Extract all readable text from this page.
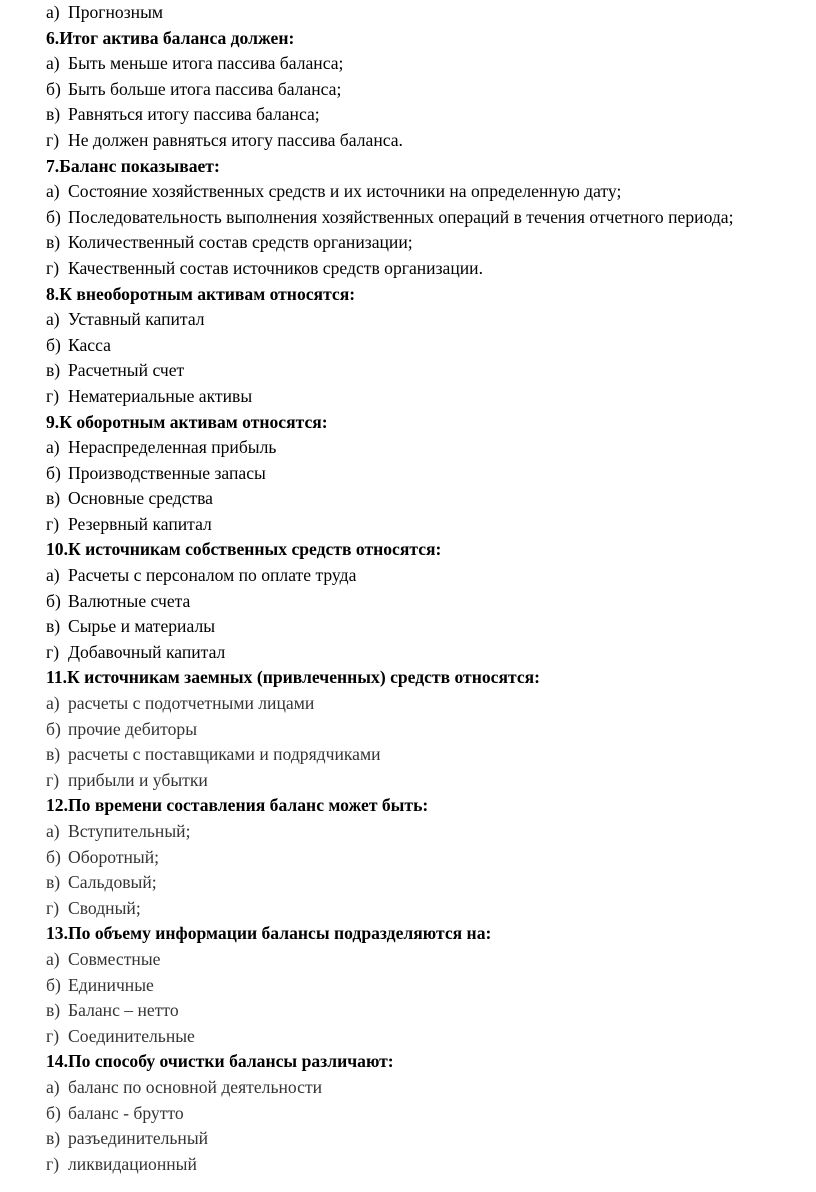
а) Прогнозным
6.Итог актива баланса должен:
а) Быть меньше итога пассива баланса;
б) Быть больше итога пассива баланса;
в) Равняться итогу пассива баланса;
г) Не должен равняться итогу пассива баланса.
7.Баланс показывает:
а) Состояние хозяйственных средств и их источники на определенную дату;
б) Последовательность выполнения хозяйственных операций в течения отчетного периода;
в) Количественный состав средств организации;
г) Качественный состав источников средств организации.
8.К внеоборотным активам относятся:
а) Уставный капитал
б) Касса
в) Расчетный счет
г) Нематериальные активы
9.К оборотным активам относятся:
а) Нераспределенная прибыль
б) Производственные запасы
в) Основные средства
г) Резервный капитал
10.К источникам собственных средств относятся:
а) Расчеты с персоналом по оплате труда
б) Валютные счета
в) Сырье и материалы
г) Добавочный капитал
11.К источникам заемных (привлеченных) средств относятся:
а) расчеты с подотчетными лицами
б) прочие дебиторы
в) расчеты с поставщиками и подрядчиками
г) прибыли и убытки
12.По времени составления баланс может быть:
а) Вступительный;
б) Оборотный;
в) Сальдовый;
г) Сводный;
13.По объему информации балансы подразделяются на:
а) Совместные
б) Единичные
в) Баланс – нетто
г) Соединительные
14.По способу очистки балансы различают:
а) баланс по основной деятельности
б) баланс - брутто
в) разъединительный
г) ликвидационный
